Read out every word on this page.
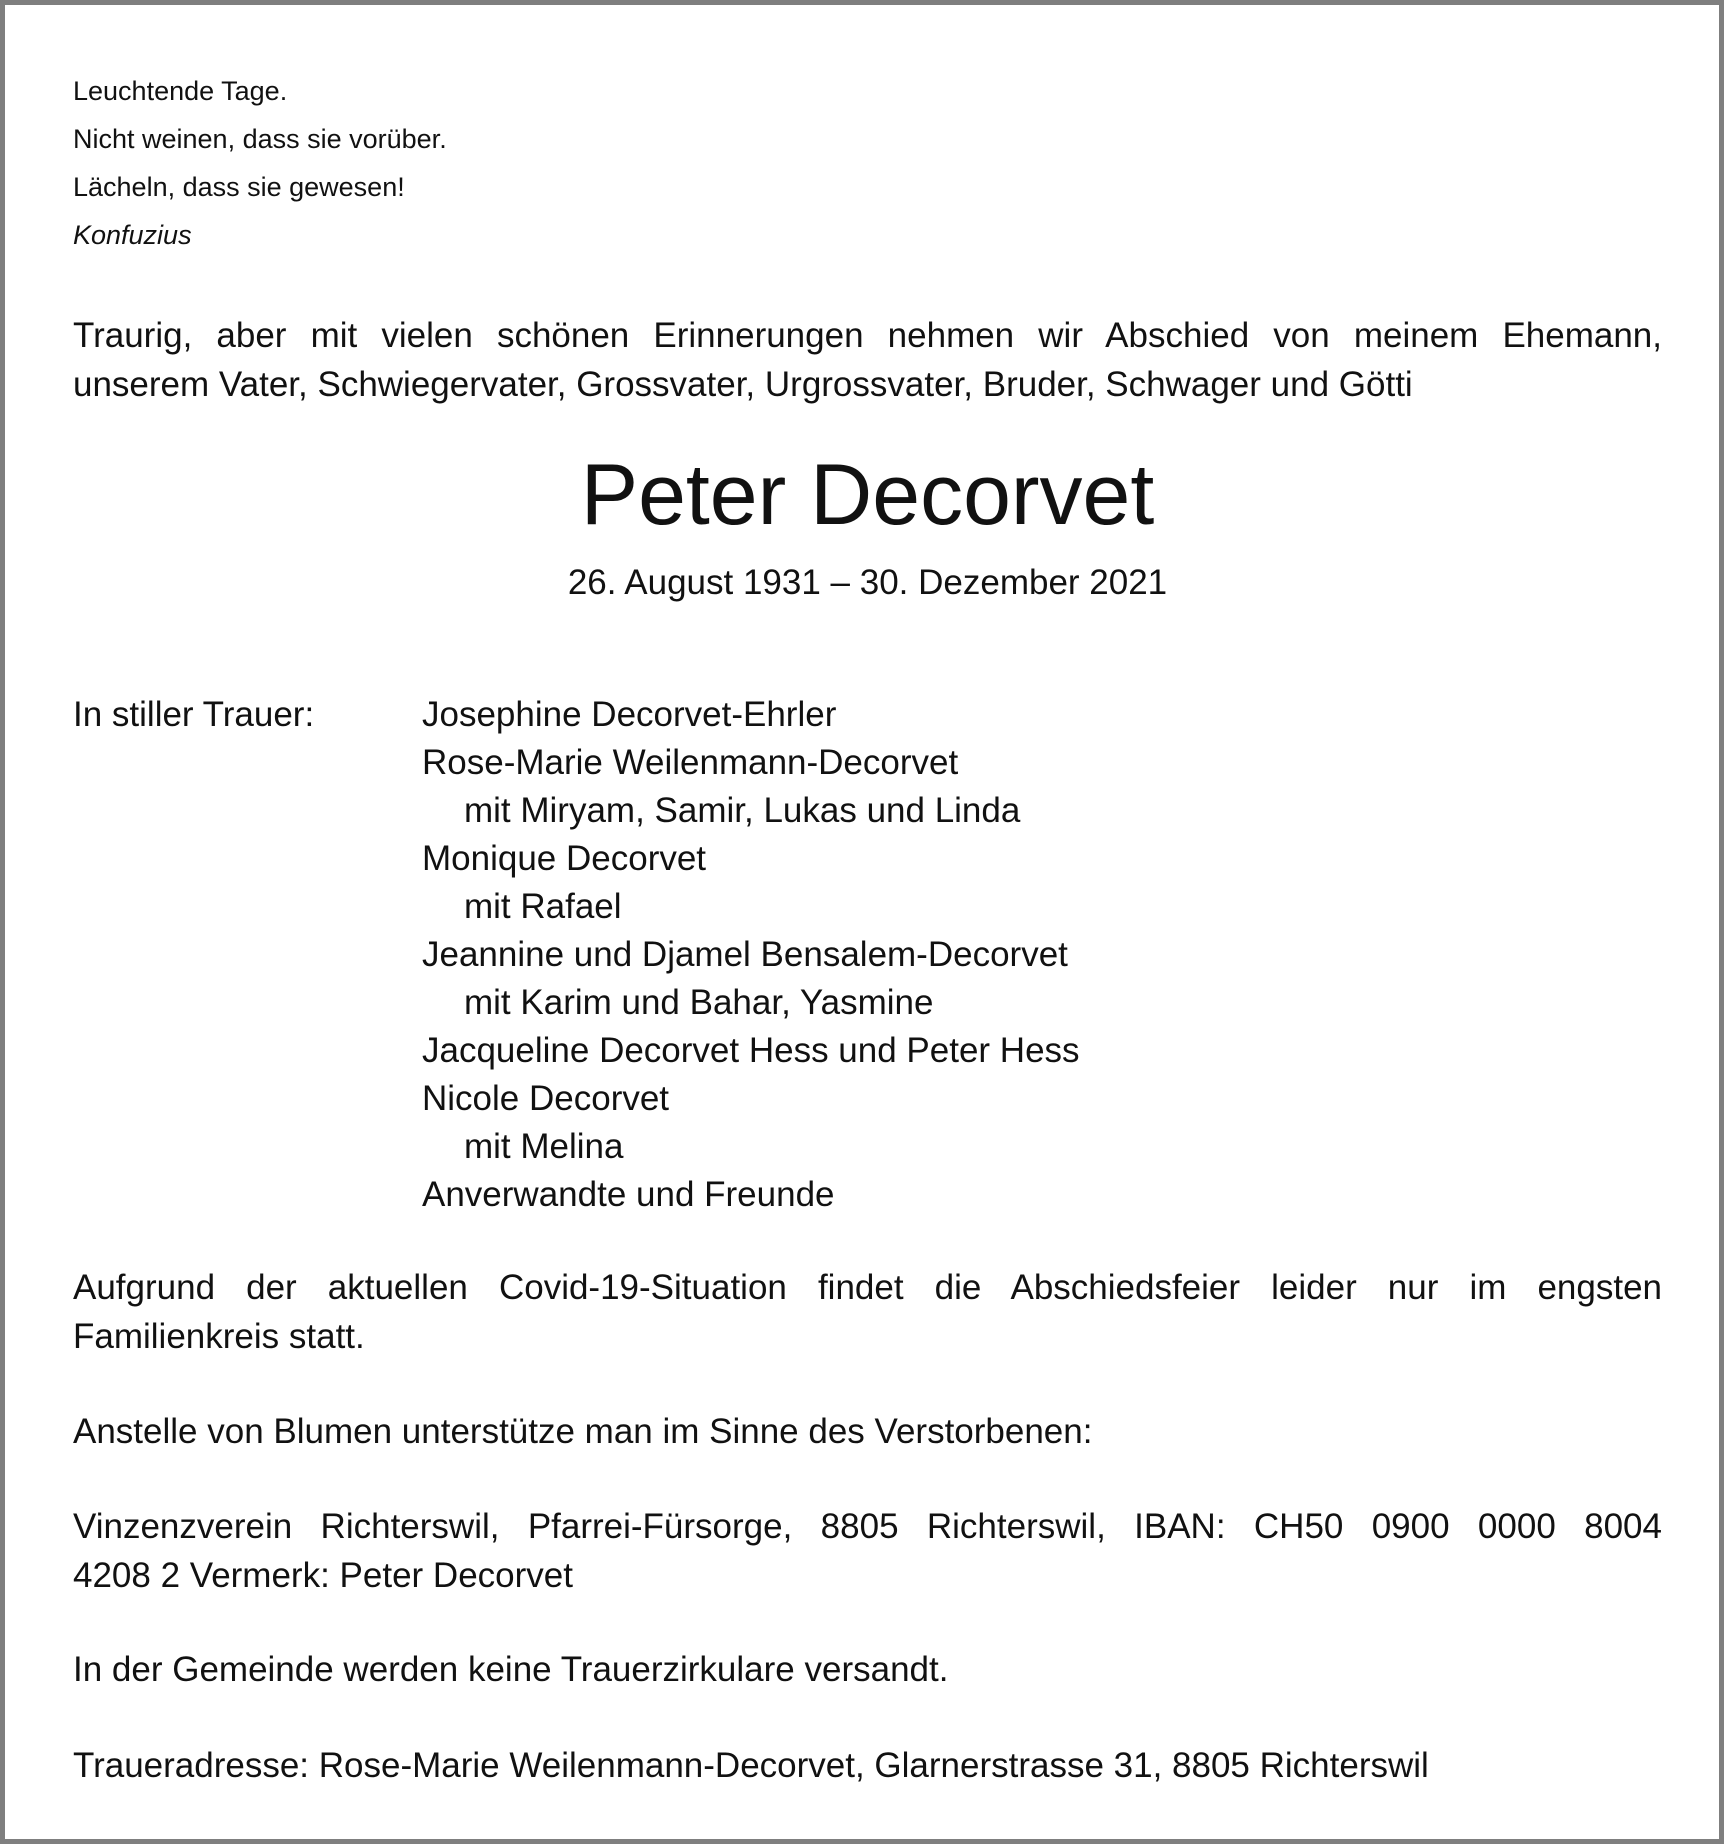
Leuchtende Tage.
Nicht weinen, dass sie vorüber.
Lächeln, dass sie gewesen!
Konfuzius
Traurig, aber mit vielen schönen Erinnerungen nehmen wir Abschied von meinem Ehemann,
unserem Vater, Schwiegervater, Grossvater, Urgrossvater, Bruder, Schwager und Götti
Peter Decorvet
26. August 1931 – 30. Dezember 2021
In stiller Trauer:	Josephine Decorvet-Ehrler
Rose-Marie Weilenmann-Decorvet
mit Miryam, Samir, Lukas und Linda
Monique Decorvet
mit Rafael
Jeannine und Djamel Bensalem-Decorvet
mit Karim und Bahar, Yasmine
Jacqueline Decorvet Hess und Peter Hess
Nicole Decorvet
mit Melina
Anverwandte und Freunde
Aufgrund der aktuellen Covid-19-Situation findet die Abschiedsfeier leider nur im engsten
Familienkreis statt.
Anstelle von Blumen unterstütze man im Sinne des Verstorbenen:
Vinzenzverein Richterswil, Pfarrei-Fürsorge, 8805 Richterswil, IBAN: CH50 0900 0000 8004
4208 2 Vermerk: Peter Decorvet
In der Gemeinde werden keine Trauerzirkulare versandt.
Traueradresse: Rose-Marie Weilenmann-Decorvet, Glarnerstrasse 31, 8805 Richterswil
